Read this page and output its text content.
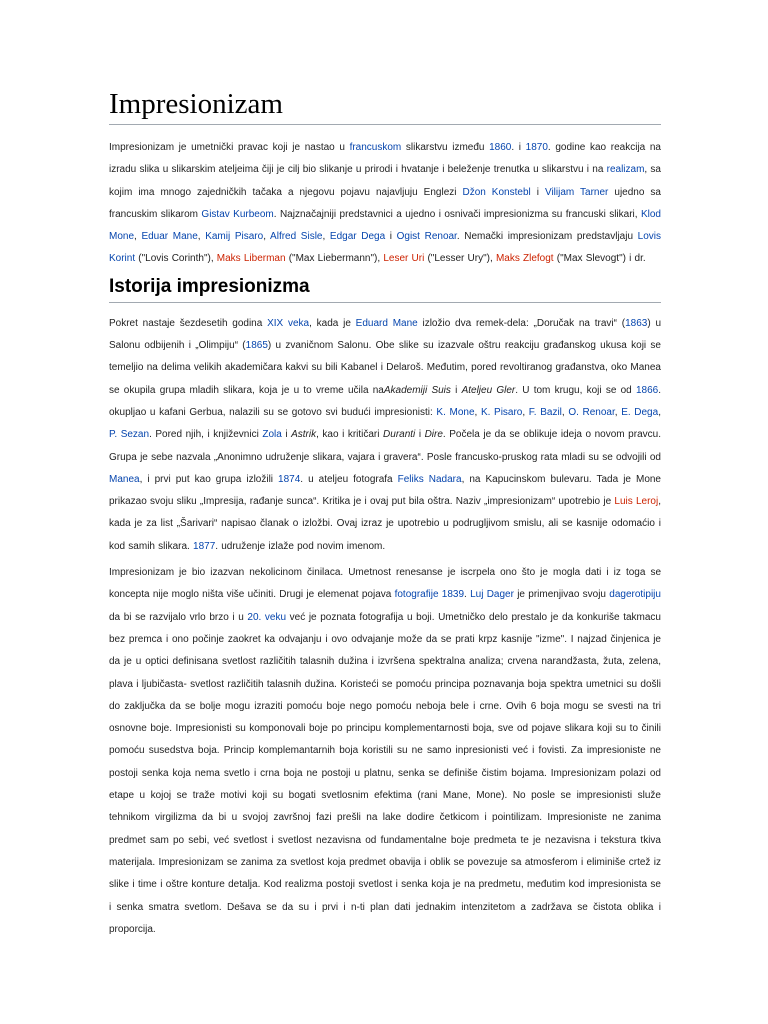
Impresionizam

Impresionizam je umetnički pravac koji je nastao u francuskom slikarstvu između 1860. i 1870. godine kao reakcija na izradu slika u slikarskim ateljeima čiji je cilj bio slikanje u prirodi i hvatanje i beleženje trenutka u slikarstvu i na realizam, sa kojim ima mnogo zajedničkih tačaka a njegovu pojavu najavljuju Englezi Džon Konstebl i Vilijam Tarner ujedno sa francuskim slikarom Gistav Kurbeom. Najznačajniji predstavnici a ujedno i osnivači impresionizma su francuski slikari, Klod Mone, Eduar Mane, Kamij Pisaro, Alfred Sisle, Edgar Dega i Ogist Renoar. Nemački impresionizam predstavljaju Lovis Korint ("Lovis Corinth"), Maks Liberman ("Max Liebermann"), Leser Uri ("Lesser Ury"), Maks Zlefogt ("Max Slevogt") i dr.

Istorija impresionizma

Pokret nastaje šezdesetih godina XIX veka, kada je Eduard Mane izložio dva remek-dela: „Doručak na travi“ (1863) u Salonu odbijenih i „Olimpiju“ (1865) u zvaničnom Salonu. Obe slike su izazvale oštru reakciju građanskog ukusa koji se temeljio na delima velikih akademičara kakvi su bili Kabanel i Delaroš. Međutim, pored revoltiranog građanstva, oko Manea se okupila grupa mladih slikara, koja je u to vreme učila naAkademiji Suis i Ateljeu Gler. U tom krugu, koji se od 1866. okupljao u kafani Gerbua, nalazili su se gotovo svi budući impresionisti: K. Mone, K. Pisaro, F. Bazil, O. Renoar, E. Dega, P. Sezan. Pored njih, i književnici Zola i Astrik, kao i kritičari Duranti i Dire. Počela je da se oblikuje ideja o novom pravcu. Grupa je sebe nazvala „Anonimno udruženje slikara, vajara i gravera“. Posle francusko-pruskog rata mladi su se odvojili od Manea, i prvi put kao grupa izložili 1874. u ateljeu fotografa Feliks Nadara, na Kapucinskom bulevaru. Tada je Mone prikazao svoju sliku „Impresija, rađanje sunca“. Kritika je i ovaj put bila oštra. Naziv „impresionizam“ upotrebio je Luis Leroj, kada je za list „Šarivari“ napisao članak o izložbi. Ovaj izraz je upotrebio u podrugljivom smislu, ali se kasnije odomaćio i kod samih slikara. 1877. udruženje izlaže pod novim imenom.

Impresionizam je bio izazvan nekolicinom činilaca. Umetnost renesanse je iscrpela ono što je mogla dati i iz toga se koncepta nije moglo ništa više učiniti. Drugi je elemenat pojava fotografije 1839. Luj Dager je primenjivao svoju dagerotipiju da bi se razvijalo vrlo brzo i u 20. veku već je poznata fotografija u boji. Umetničko delo prestalo je da konkuriše takmacu bez premca i ono počinje zaokret ka odvajanju i ovo odvajanje može da se prati krpz kasnije "izme". I najzad činjenica je da je u optici definisana svetlost različitih talasnih dužina i izvršena spektralna analiza; crvena narandžasta, žuta, zelena, plava i ljubičasta- svetlost različitih talasnih dužina. Koristeći se pomoću principa poznavanja boja spektra umetnici su došli do zaključka da se bolje mogu izraziti pomoću boje nego pomoću neboja bele i crne. Ovih 6 boja mogu se svesti na tri osnovne boje. Impresionisti su komponovali boje po principu komplementarnosti boja, sve od pojave slikara koji su to činili pomoću susedstva boja. Princip komplemantarnih boja koristili su ne samo inpresionisti već i fovisti. Za impresioniste ne postoji senka koja nema svetlo i crna boja ne postoji u platnu, senka se definiše čistim bojama. Impresionizam polazi od etape u kojoj se traže motivi koji su bogati svetlosnim efektima (rani Mane, Mone). No posle se impresionisti služe tehnikom virgilizma da bi u svojoj završnoj fazi prešli na lake dodire četkicom i pointilizam. Impresioniste ne zanima predmet sam po sebi, već svetlost i svetlost nezavisna od fundamentalne boje predmeta te je nezavisna i tekstura tkiva materijala. Impresionizam se zanima za svetlost koja predmet obavija i oblik se povezuje sa atmosferom i eliminiše crtež iz slike i time i oštre konture detalja. Kod realizma postoji svetlost i senka koja je na predmetu, međutim kod impresionista se i senka smatra svetlom. Dešava se da su i prvi i n-ti plan dati jednakim intenzitetom a zadržava se čistota oblika i proporcija.
